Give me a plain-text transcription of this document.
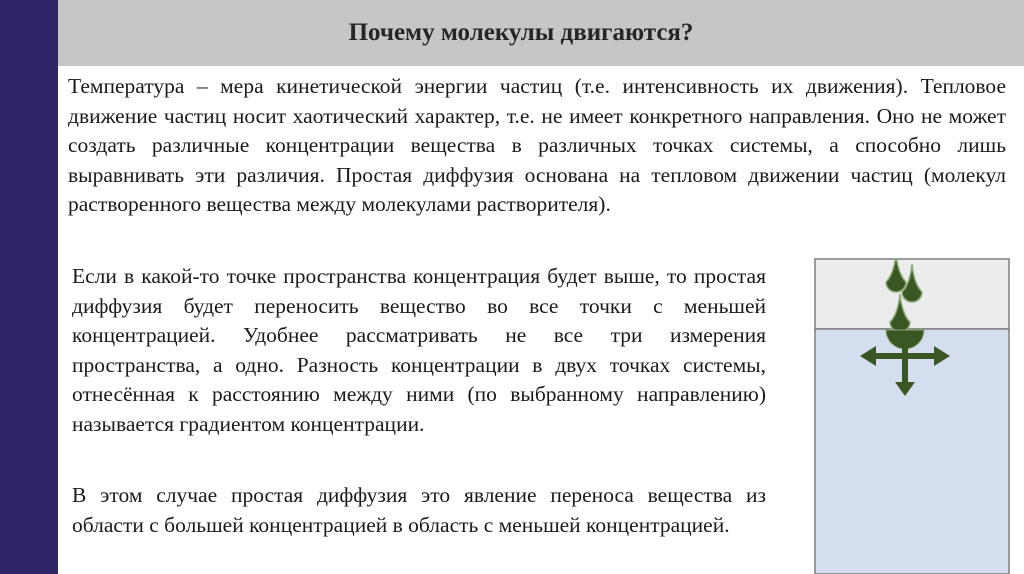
Почему молекулы двигаются?

Температура – мера кинетической энергии частиц (т.е. интенсивность их движения). Тепловое движение частиц носит хаотический характер, т.е. не имеет конкретного направления. Оно не может создать различные концентрации вещества в различных точках системы, а способно лишь выравнивать эти различия. Простая диффузия основана на тепловом движении частиц (молекул растворенного вещества между молекулами растворителя).

Если в какой-то точке пространства концентрация будет выше, то простая диффузия будет переносить вещество во все точки с меньшей концентрацией. Удобнее рассматривать не все три измерения пространства, а одно. Разность концентрации в двух точках системы, отнесённая к расстоянию между ними (по выбранному направлению) называется градиентом концентрации.

В этом случае простая диффузия это явление переноса вещества из области с большей концентрацией в область с меньшей концентрацией.
